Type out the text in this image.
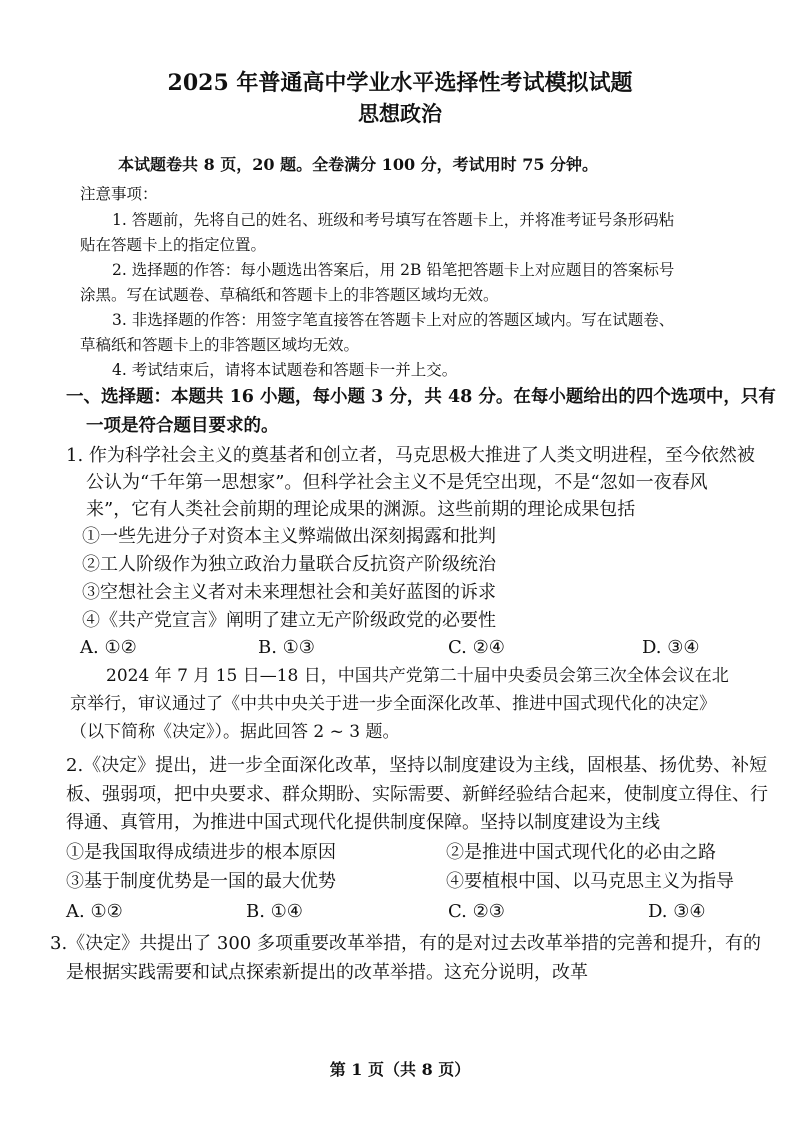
2025 年普通高中学业水平选择性考试模拟试题
思想政治
本试题卷共 8 页，20 题。全卷满分 100 分，考试用时 75 分钟。
注意事项：
1. 答题前，先将自己的姓名、班级和考号填写在答题卡上，并将准考证号条形码粘
贴在答题卡上的指定位置。
2. 选择题的作答：每小题选出答案后，用 2B 铅笔把答题卡上对应题目的答案标号
涂黑。写在试题卷、草稿纸和答题卡上的非答题区域均无效。
3. 非选择题的作答：用签字笔直接答在答题卡上对应的答题区域内。写在试题卷、
草稿纸和答题卡上的非答题区域均无效。
4. 考试结束后，请将本试题卷和答题卡一并上交。
一、选择题：本题共 16 小题，每小题 3 分，共 48 分。在每小题给出的四个选项中，只有
一项是符合题目要求的。
1. 作为科学社会主义的奠基者和创立者，马克思极大推进了人类文明进程，至今依然被
公认为“千年第一思想家”。但科学社会主义不是凭空出现，不是“忽如一夜春风
来”，它有人类社会前期的理论成果的渊源。这些前期的理论成果包括
①一些先进分子对资本主义弊端做出深刻揭露和批判
②工人阶级作为独立政治力量联合反抗资产阶级统治
③空想社会主义者对未来理想社会和美好蓝图的诉求
④《共产党宣言》阐明了建立无产阶级政党的必要性
A. ①②	B. ①③	C. ②④	D. ③④
2024 年 7 月 15 日—18 日，中国共产党第二十届中央委员会第三次全体会议在北
京举行，审议通过了《中共中央关于进一步全面深化改革、推进中国式现代化的决定》
（以下简称《决定》）。据此回答 2 ~ 3 题。
2.《决定》提出，进一步全面深化改革，坚持以制度建设为主线，固根基、扬优势、补短
板、强弱项，把中央要求、群众期盼、实际需要、新鲜经验结合起来，使制度立得住、行
得通、真管用，为推进中国式现代化提供制度保障。坚持以制度建设为主线
①是我国取得成绩进步的根本原因	②是推进中国式现代化的必由之路
③基于制度优势是一国的最大优势	④要植根中国、以马克思主义为指导
A. ①②	B. ①④	C. ②③	D. ③④
3.《决定》共提出了 300 多项重要改革举措，有的是对过去改革举措的完善和提升，有的
是根据实践需要和试点探索新提出的改革举措。这充分说明，改革
第 1 页（共 8 页）
